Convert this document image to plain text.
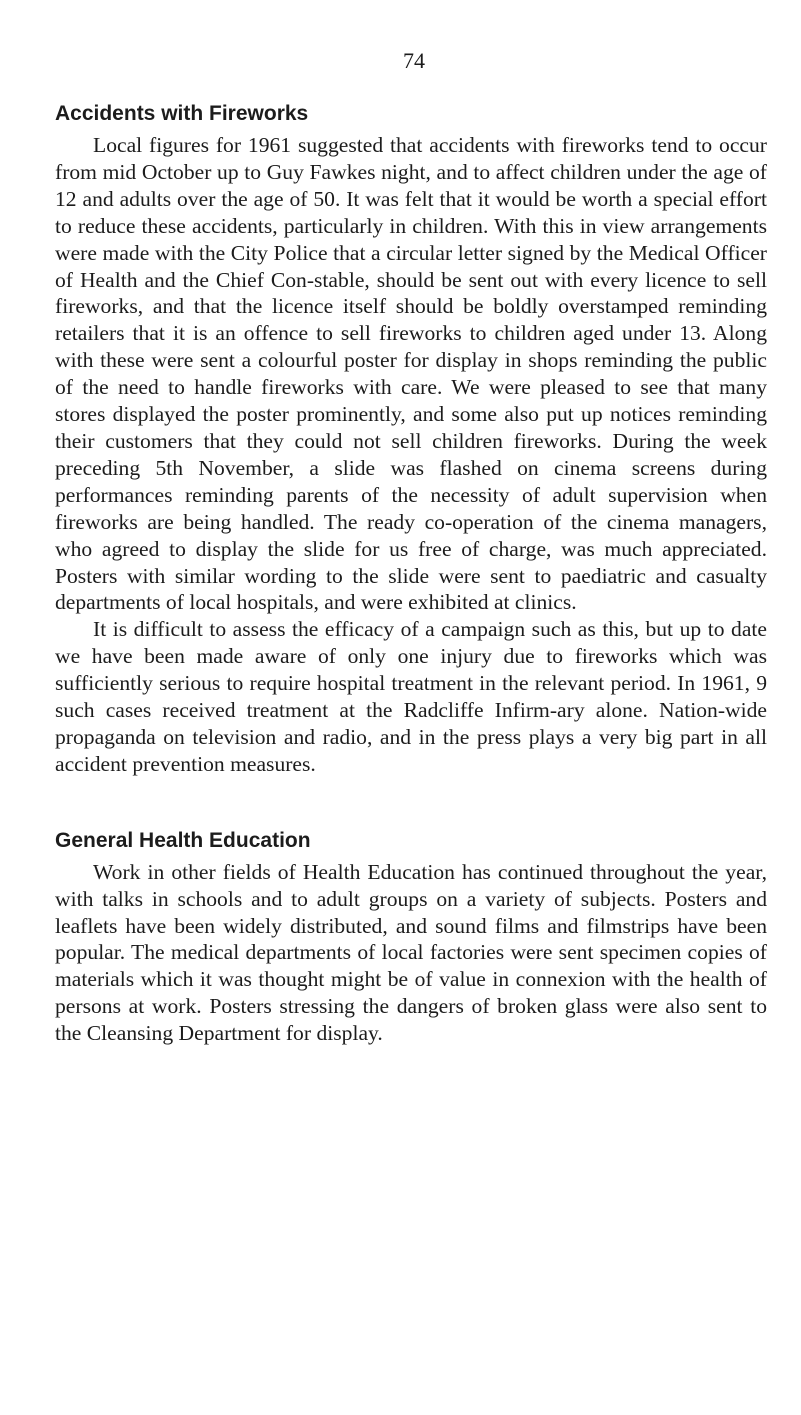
74
Accidents with Fireworks

Local figures for 1961 suggested that accidents with fireworks tend to occur from mid October up to Guy Fawkes night, and to affect children under the age of 12 and adults over the age of 50. It was felt that it would be worth a special effort to reduce these accidents, particularly in children. With this in view arrangements were made with the City Police that a circular letter signed by the Medical Officer of Health and the Chief Con-stable, should be sent out with every licence to sell fireworks, and that the licence itself should be boldly overstamped reminding retailers that it is an offence to sell fireworks to children aged under 13. Along with these were sent a colourful poster for display in shops reminding the public of the need to handle fireworks with care. We were pleased to see that many stores displayed the poster prominently, and some also put up notices reminding their customers that they could not sell children fireworks. During the week preceding 5th November, a slide was flashed on cinema screens during performances reminding parents of the necessity of adult supervision when fireworks are being handled. The ready co-operation of the cinema managers, who agreed to display the slide for us free of charge, was much appreciated. Posters with similar wording to the slide were sent to paediatric and casualty departments of local hospitals, and were exhibited at clinics.

It is difficult to assess the efficacy of a campaign such as this, but up to date we have been made aware of only one injury due to fireworks which was sufficiently serious to require hospital treatment in the relevant period. In 1961, 9 such cases received treatment at the Radcliffe Infirm-ary alone. Nation-wide propaganda on television and radio, and in the press plays a very big part in all accident prevention measures.

General Health Education

Work in other fields of Health Education has continued throughout the year, with talks in schools and to adult groups on a variety of subjects. Posters and leaflets have been widely distributed, and sound films and filmstrips have been popular. The medical departments of local factories were sent specimen copies of materials which it was thought might be of value in connexion with the health of persons at work. Posters stressing the dangers of broken glass were also sent to the Cleansing Department for display.
